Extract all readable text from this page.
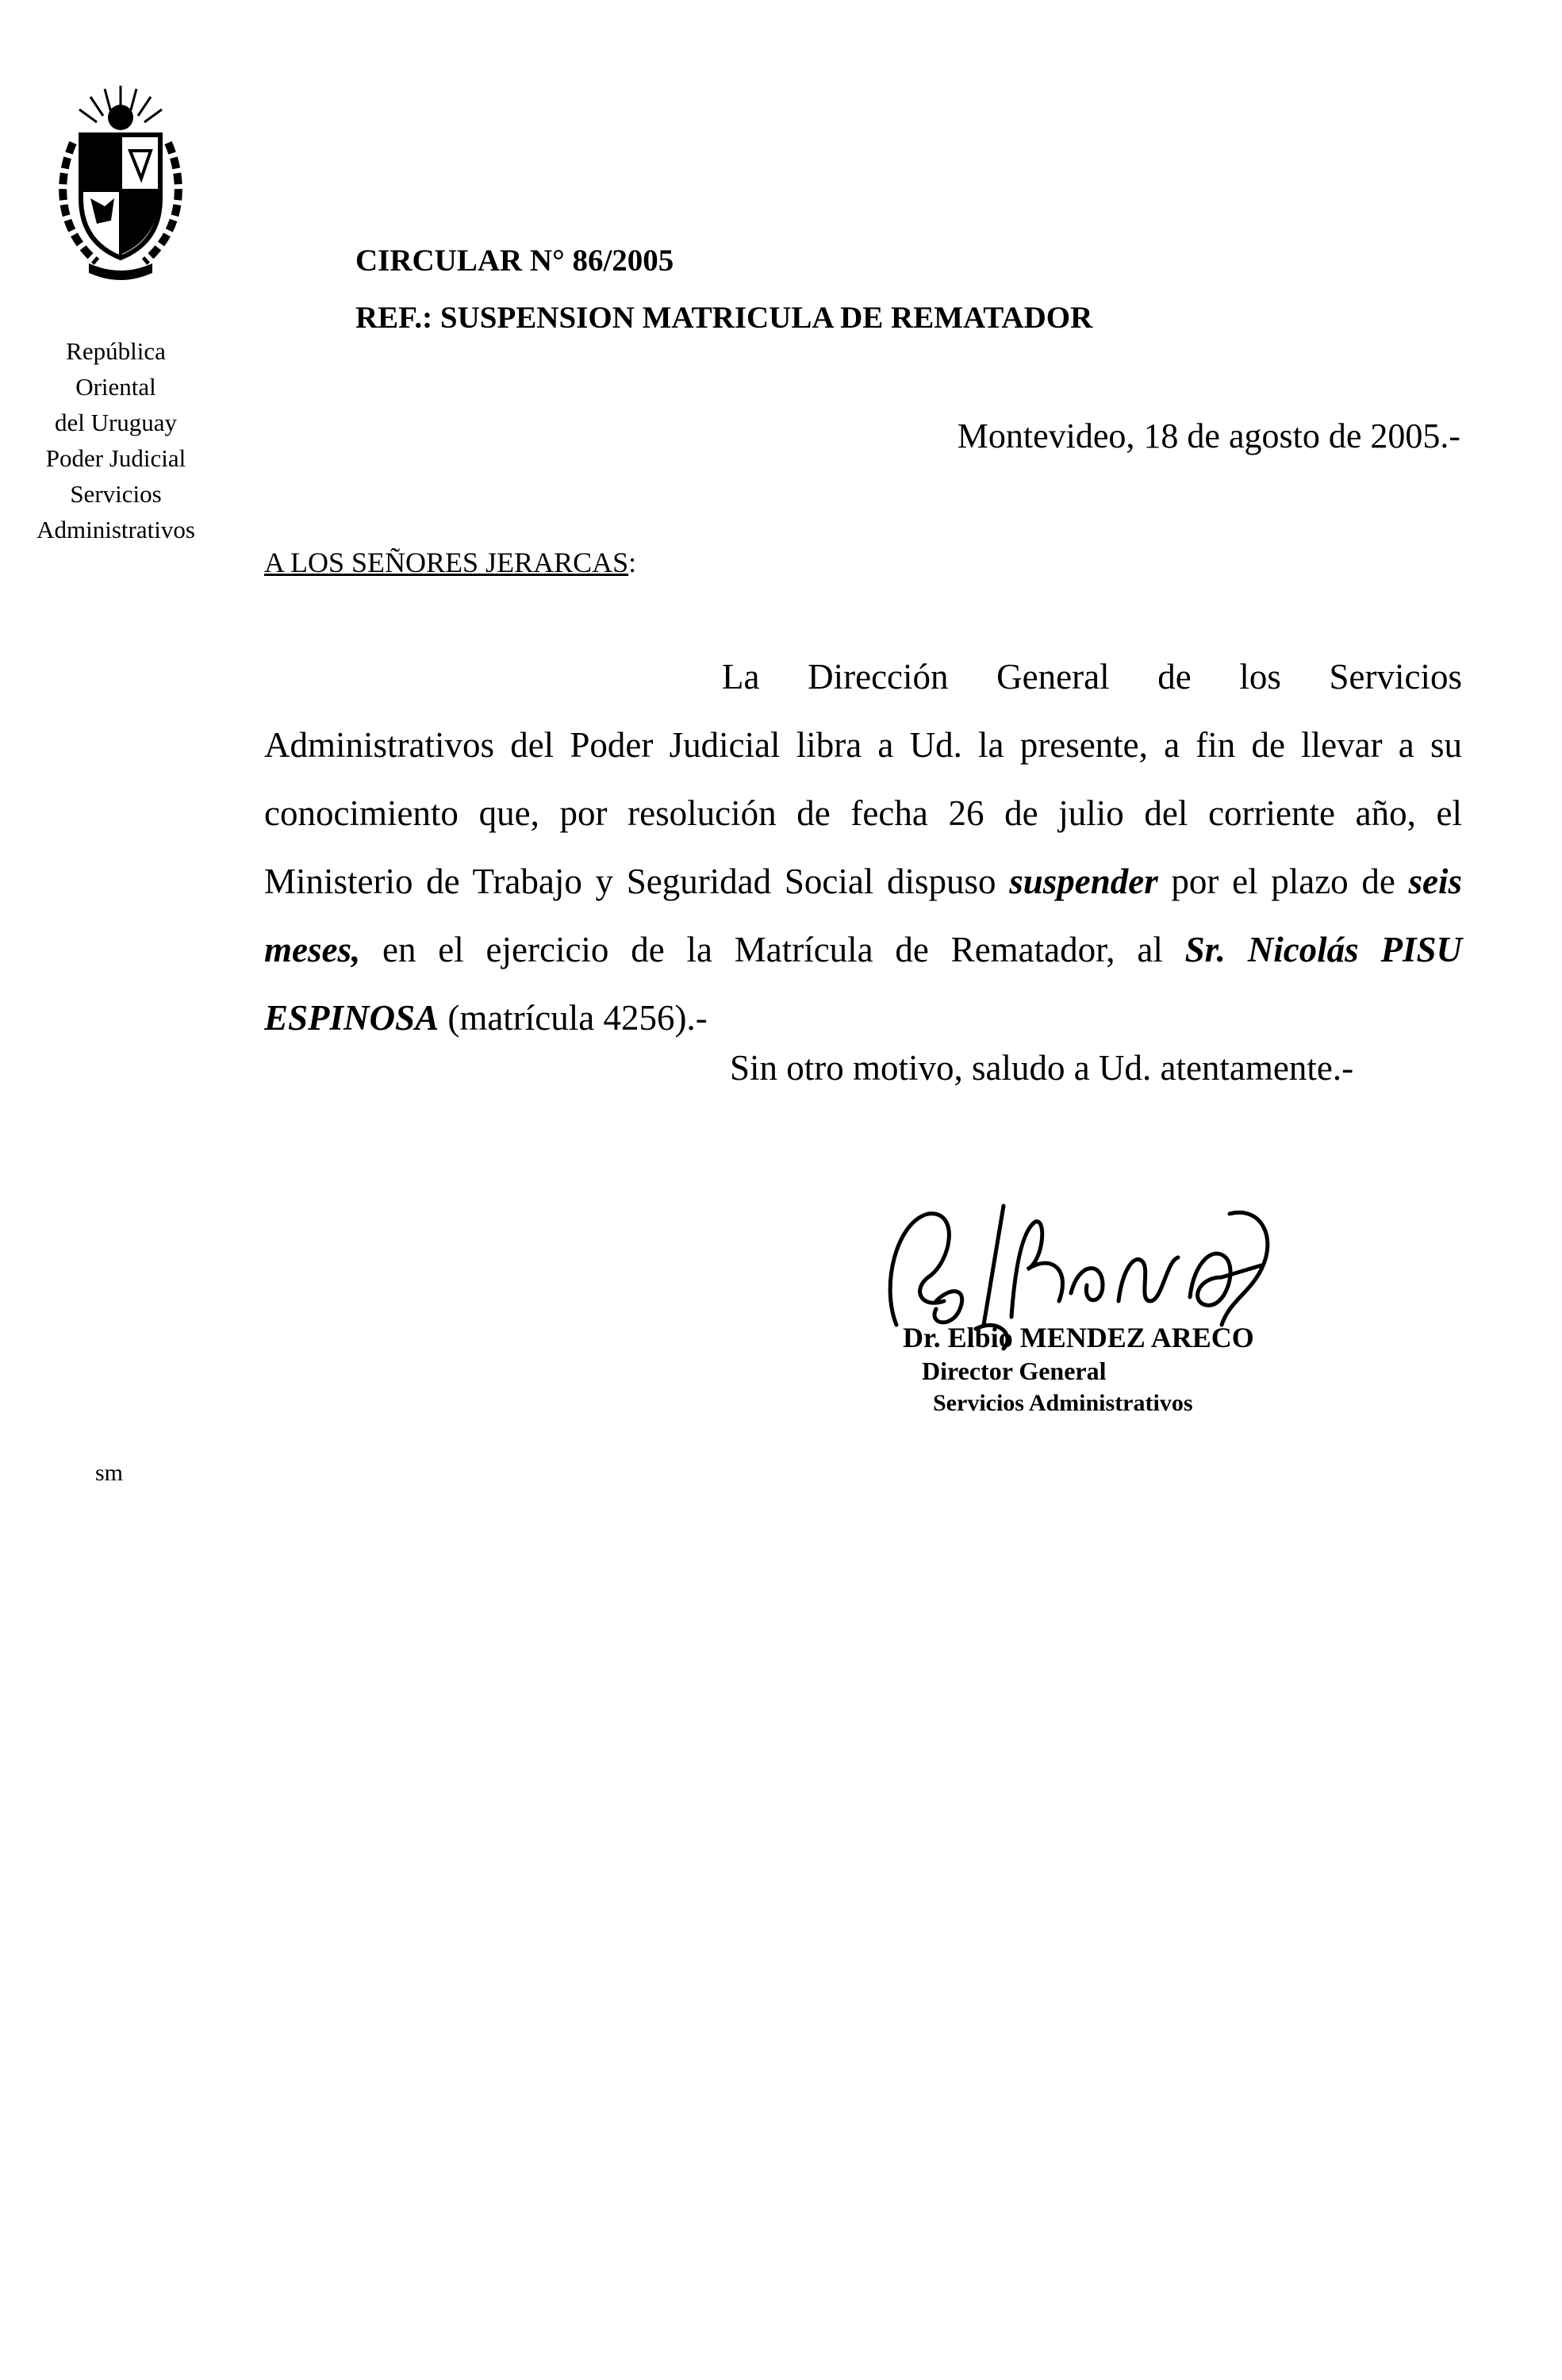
República
Oriental
del Uruguay
Poder Judicial
Servicios
Administrativos
CIRCULAR N° 86/2005
REF.: SUSPENSION MATRICULA DE REMATADOR
Montevideo, 18 de agosto de 2005.-
A LOS SEÑORES JERARCAS:
La Dirección General de los Servicios Administrativos del Poder Judicial libra a Ud. la presente, a fin de llevar a su conocimiento que, por resolución de fecha 26 de julio del corriente año, el Ministerio de Trabajo y Seguridad Social dispuso suspender por el plazo de seis meses, en el ejercicio de la Matrícula de Rematador, al Sr. Nicolás PISU ESPINOSA (matrícula 4256).-
Sin otro motivo, saludo a Ud. atentamente.-
Dr. Elbio MENDEZ ARECO
Director General
Servicios Administrativos
sm
